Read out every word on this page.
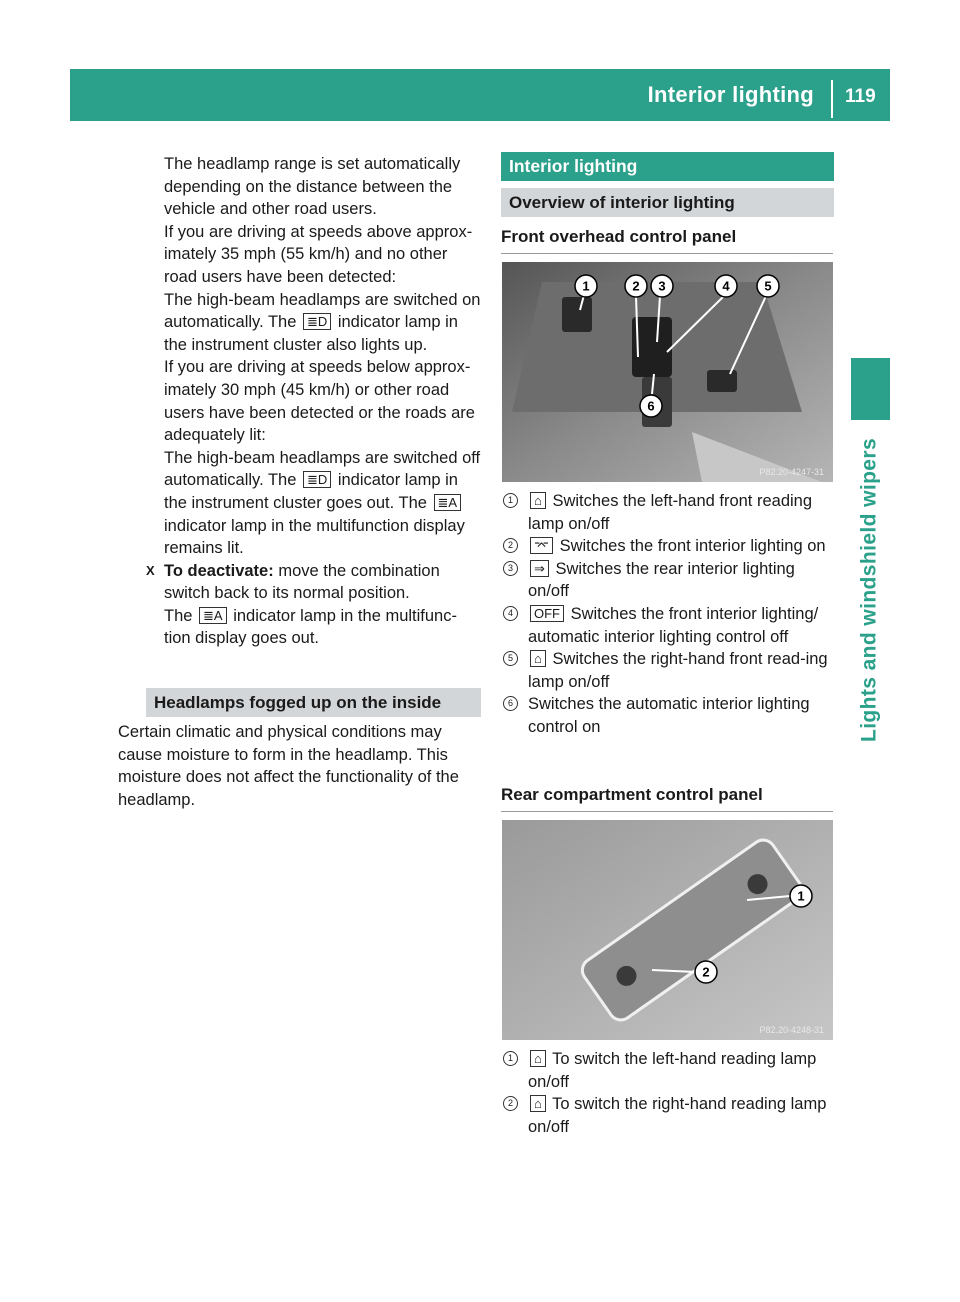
Interior lighting 119
Lights and windshield wipers

The headlamp range is set automatically depending on the distance between the vehicle and other road users.

If you are driving at speeds above approx-imately 35 mph (55 km/h) and no other road users have been detected:

The high-beam headlamps are switched on automatically. The ≣D indicator lamp in the instrument cluster also lights up.

If you are driving at speeds below approx-imately 30 mph (45 km/h) or other road users have been detected or the roads are adequately lit:

The high-beam headlamps are switched off automatically. The ≣D indicator lamp in the instrument cluster goes out. The ≣A indicator lamp in the multifunction display remains lit.

X To deactivate: move the combination switch back to its normal position.
The ≣A indicator lamp in the multifunc-tion display goes out.
Headlamps fogged up on the inside

Certain climatic and physical conditions may cause moisture to form in the headlamp. This moisture does not affect the functionality of the headlamp.

Interior lighting
Overview of interior lighting
Front overhead control panel
1	2 3	4	5
6
P82.20-4247-31
1	⌂ Switches the left-hand front reading lamp on/off
2	⌤ Switches the front interior lighting on
3	⇒ Switches the rear interior lighting on/off
4	OFF Switches the front interior lighting/ automatic interior lighting control off
5	⌂ Switches the right-hand front read-ing lamp on/off
6 Switches the automatic interior lighting control on
Rear compartment control panel
1
2
P82.20-4248-31
1	⌂ To switch the left-hand reading lamp on/off
2	⌂ To switch the right-hand reading lamp on/off
